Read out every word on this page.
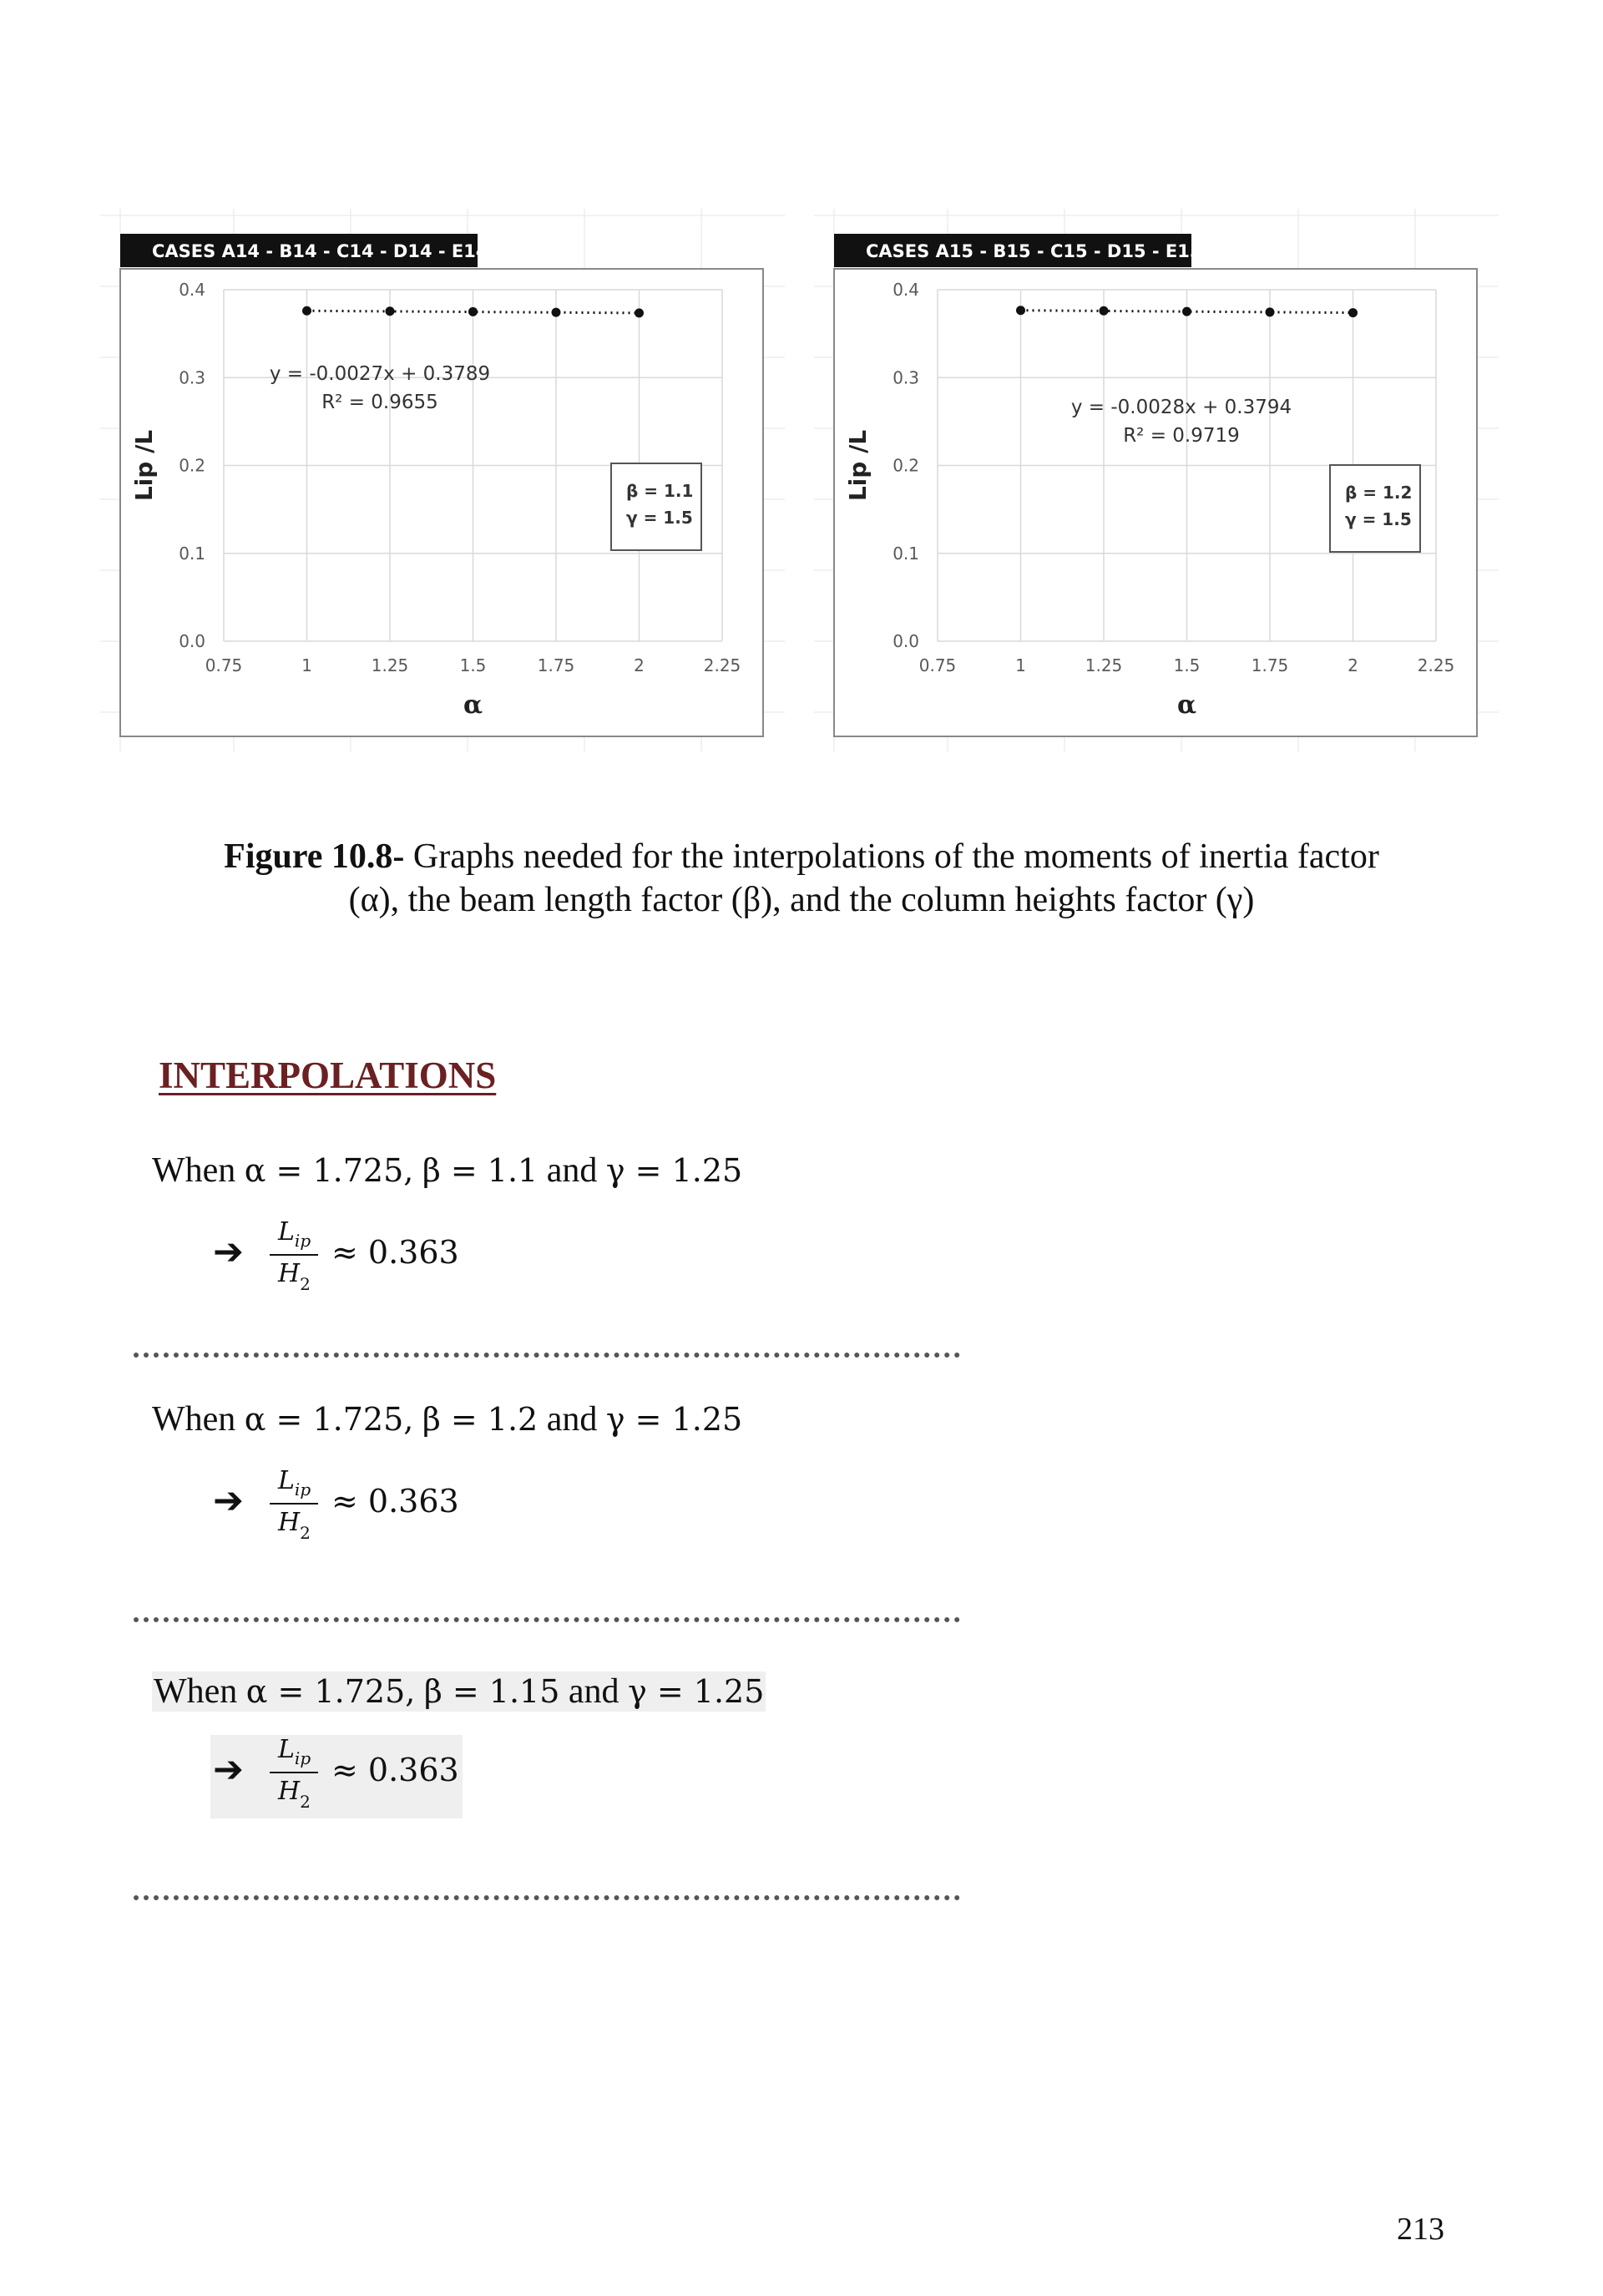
CASES A14 - B14 - C14 - D14 - E14
0.0
0.1
0.2
0.3
0.4
0.75	1	1.25	1.5	1.75	2	2.25
Lip /L
α
y = -0.0027x + 0.3789
R² = 0.9655
β = 1.1
γ = 1.5
CASES A15 - B15 - C15 - D15 - E15
0.0
0.1
0.2
0.3
0.4
0.75	1	1.25	1.5	1.75	2	2.25
Lip /L
α
y = -0.0028x + 0.3794
R² = 0.9719
β = 1.2
γ = 1.5
Figure 10.8- Graphs needed for the interpolations of the moments of inertia factor (α), the beam length factor (β), and the column heights factor (γ)
INTERPOLATIONS
When α = 1.725, β = 1.1 and γ = 1.25
➔ $L_{ip}$
$H_2$
≈ 0.363
When α = 1.725, β = 1.2 and γ = 1.25
➔ $L_{ip}$
$H_2$
≈ 0.363
When α = 1.725, β = 1.15 and γ = 1.25
➔ $L_{ip}$
$H_2$
≈ 0.363
213
